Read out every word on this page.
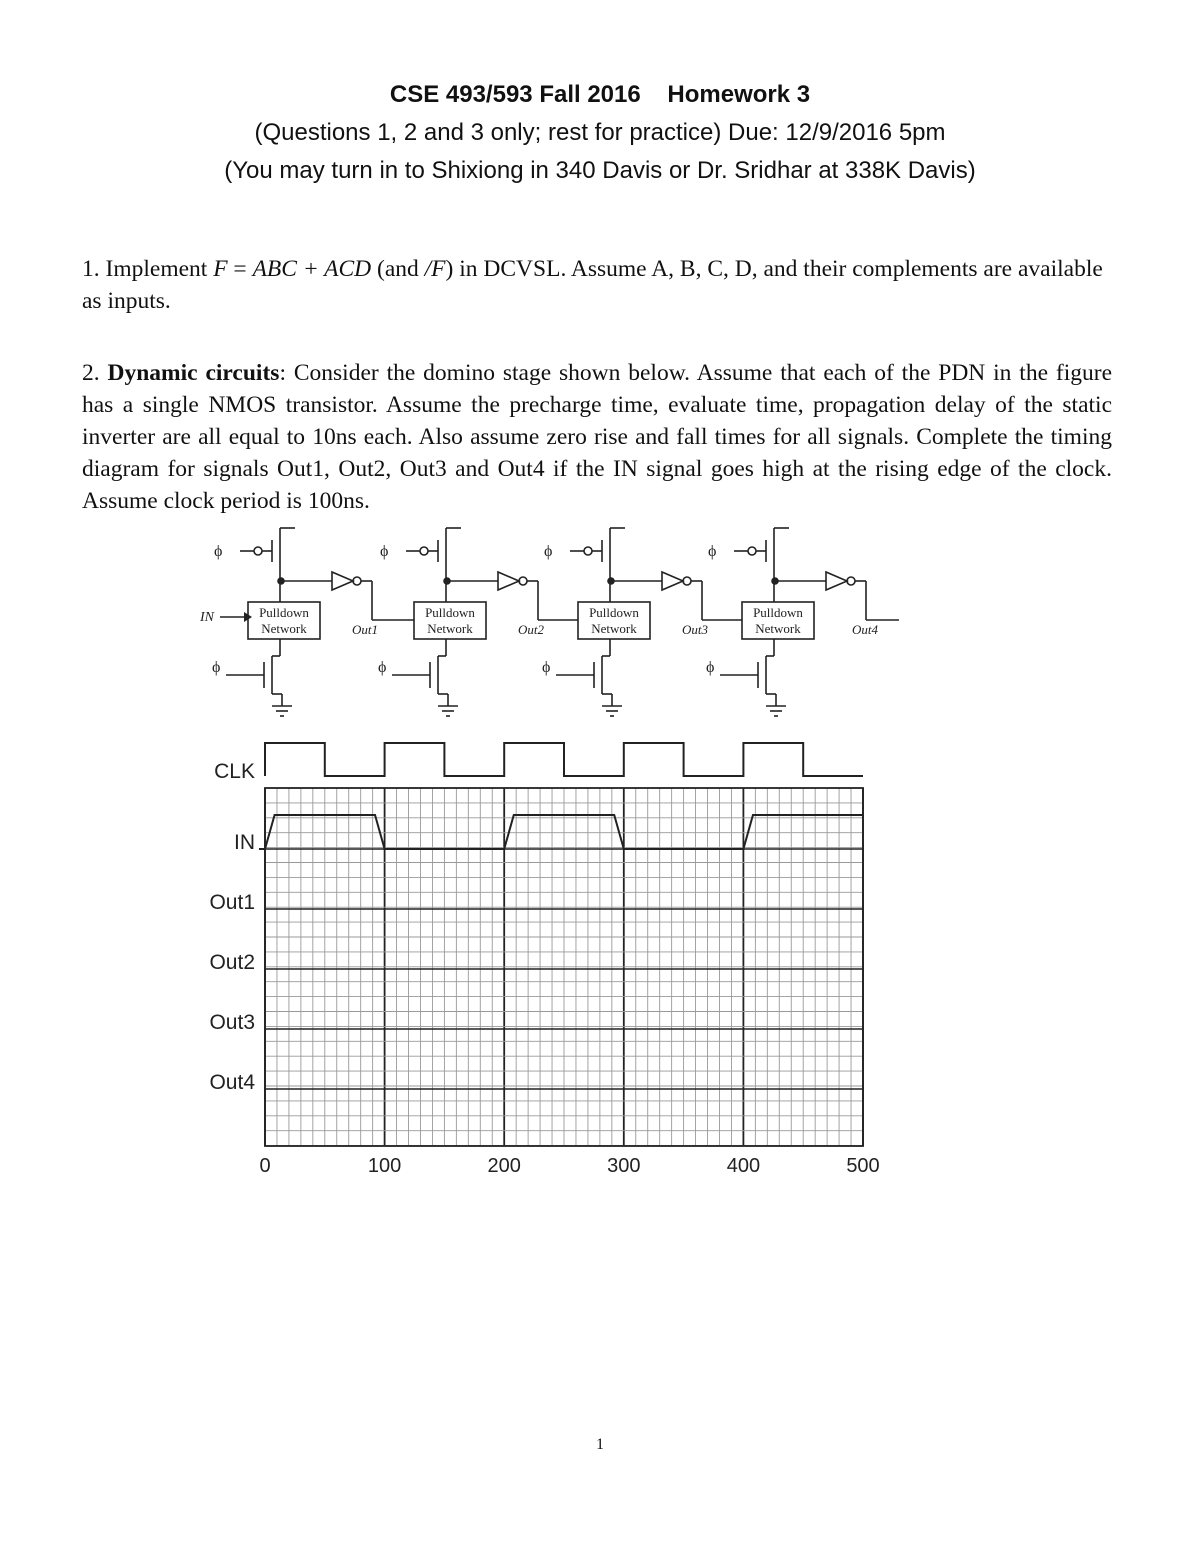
CSE 493/593 Fall 2016 Homework 3
(Questions 1, 2 and 3 only; rest for practice) Due: 12/9/2016 5pm
(You may turn in to Shixiong in 340 Davis or Dr. Sridhar at 338K Davis)

1. Implement F = ABC + ACD (and /F) in DCVSL. Assume A, B, C, D, and their complements are available as inputs.

2. Dynamic circuits: Consider the domino stage shown below. Assume that each of the PDN in the figure has a single NMOS transistor. Assume the precharge time, evaluate time, propagation delay of the static inverter are all equal to 10ns each. Also assume zero rise and fall times for all signals. Complete the timing diagram for signals Out1, Out2, Out3 and Out4 if the IN signal goes high at the rising edge of the clock. Assume clock period is 100ns.

ϕ
Pulldown
Network
ϕ
Out1
ϕ
Pulldown
Network
ϕ
Out2
ϕ
Pulldown
Network
ϕ
Out3
ϕ
Pulldown
Network
ϕ
Out4
IN
CLK
IN
Out1
Out2
Out3
Out4
0	100	200	300	400	500
1
